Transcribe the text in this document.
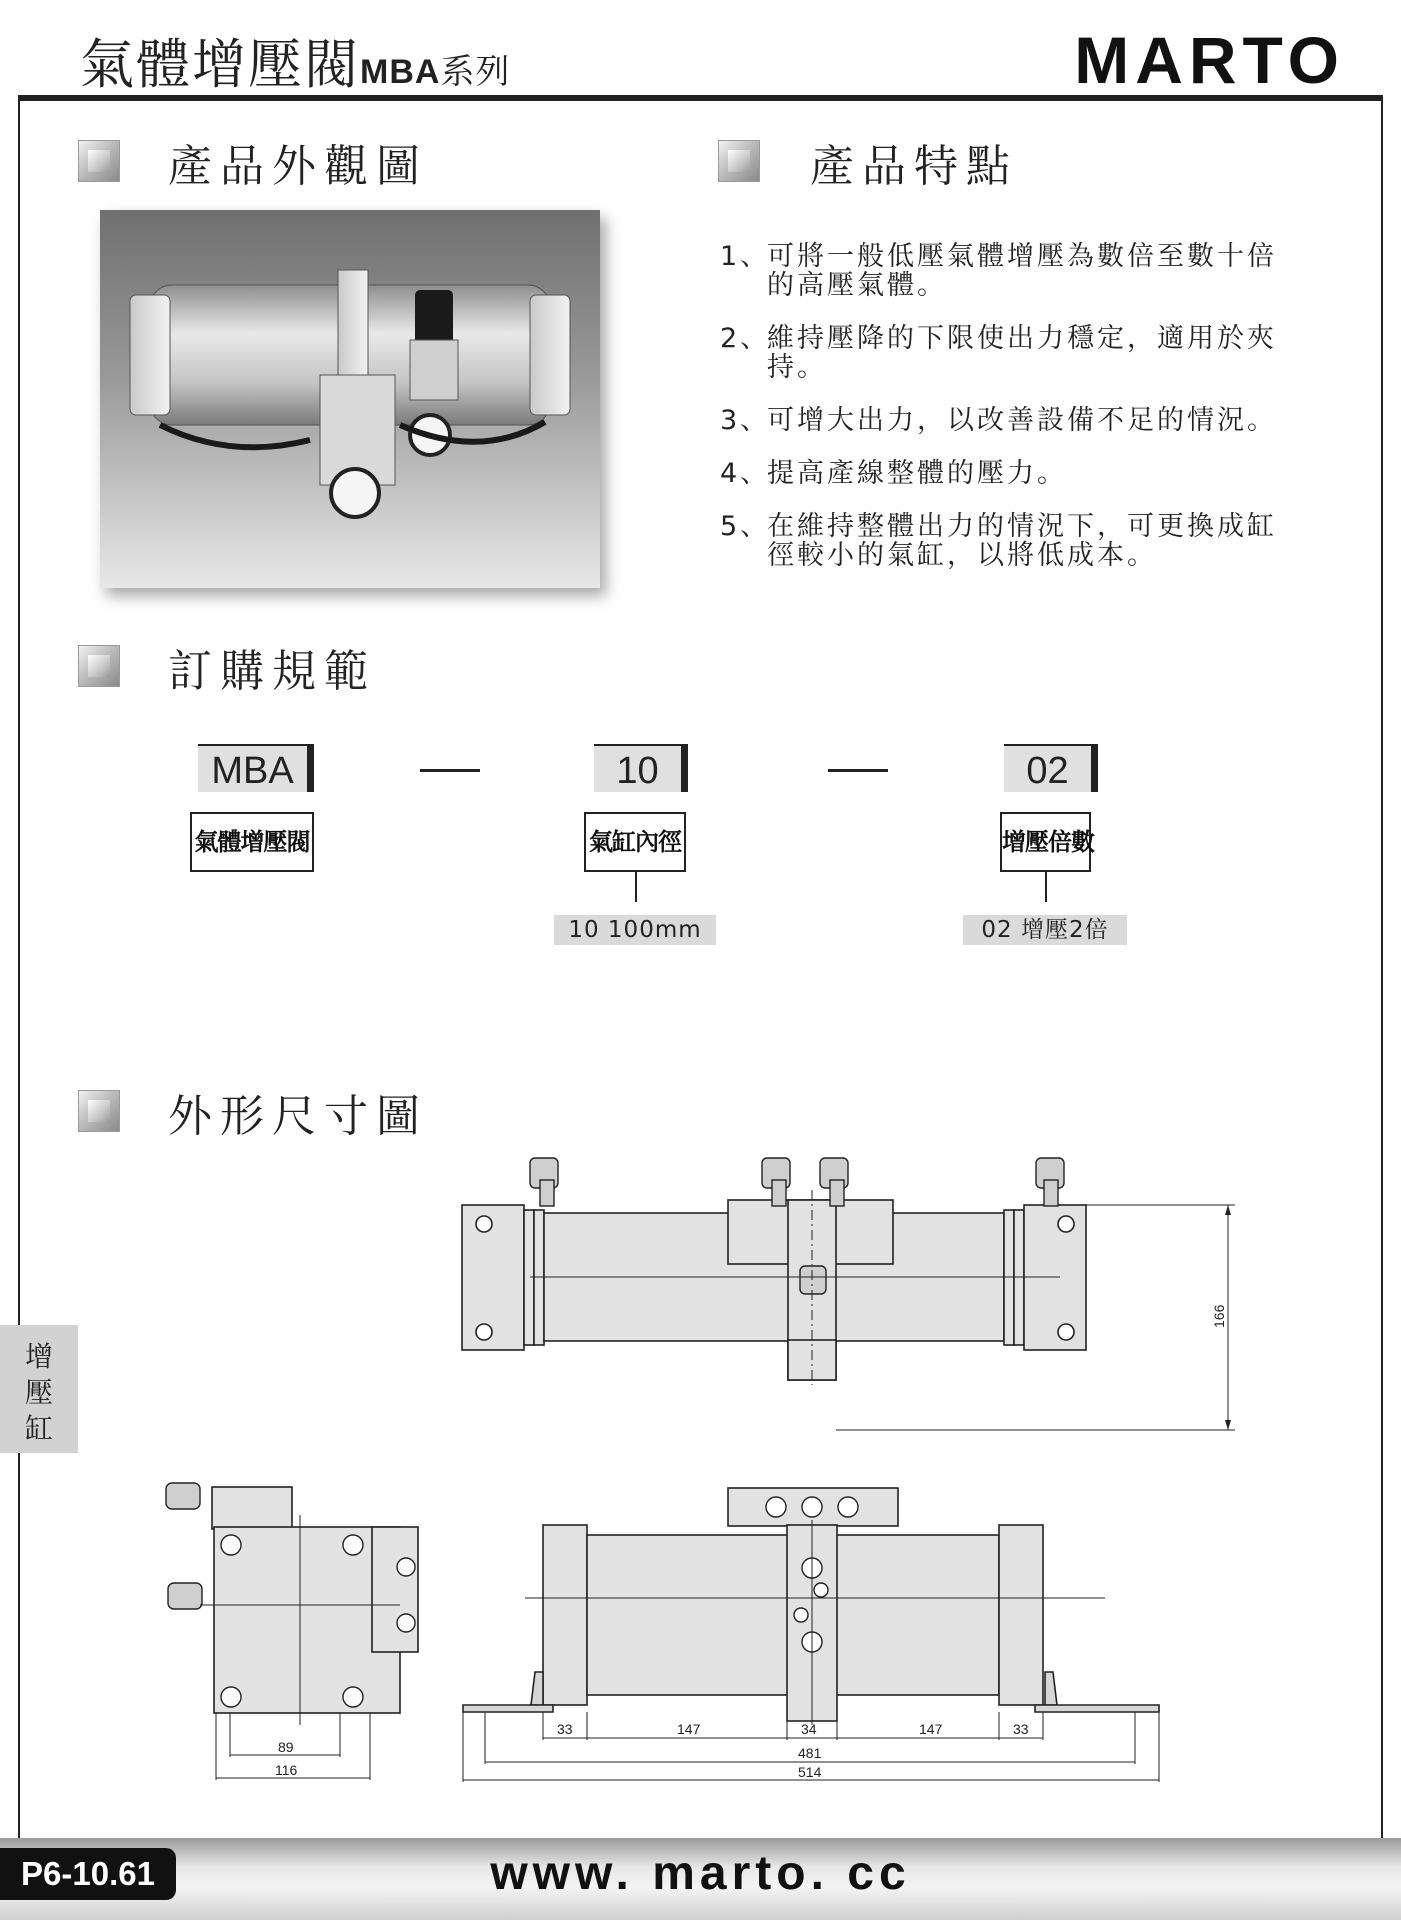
氣體增壓閥MBA系列	MARTO
產品外觀圖	產品特點
1、
可將一般低壓氣體增壓為數倍至數十倍的高壓氣體。
2、
維持壓降的下限使出力穩定，適用於夾持。
3、
可增大出力，以改善設備不足的情況。
4、
提高產線整體的壓力。
5、
在維持整體出力的情況下，可更換成缸徑較小的氣缸，以將低成本。
訂購規範
MBA
氣體增壓閥
10
氣缸內徑
10 100mm
02
增壓倍數
02 增壓2倍
外形尺寸圖
166
89
116
33	147	34	147	33
481
514
增
壓
缸
P6-10.61	www. marto. cc
